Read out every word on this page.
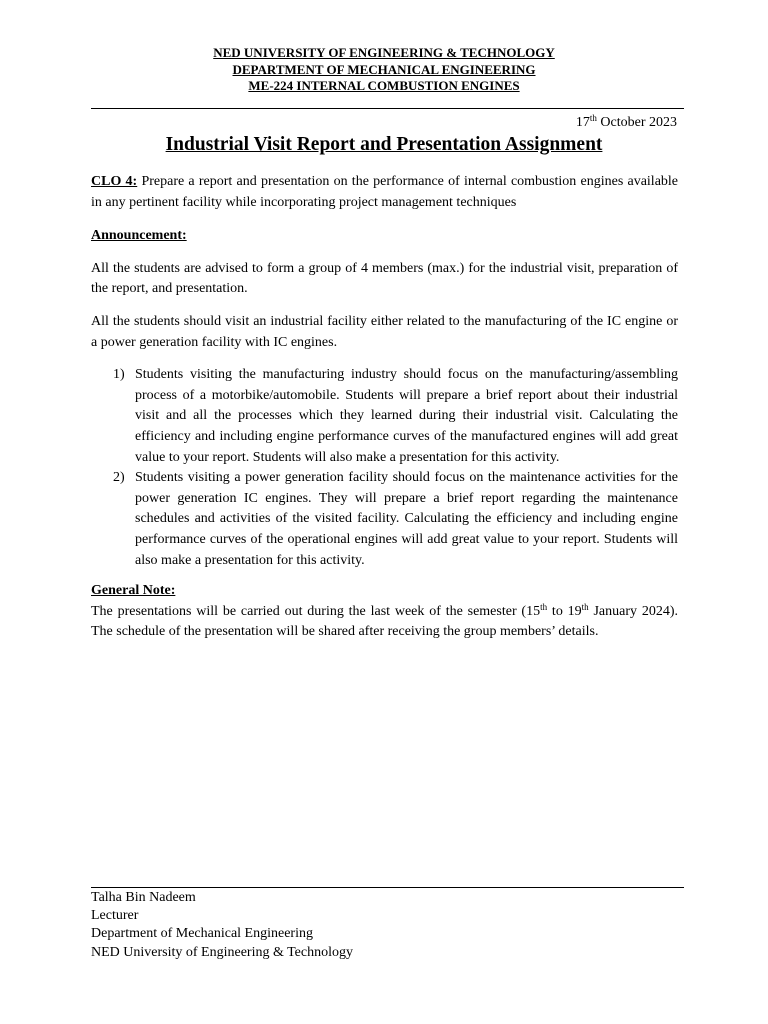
NED UNIVERSITY OF ENGINEERING & TECHNOLOGY
DEPARTMENT OF MECHANICAL ENGINEERING
ME-224 INTERNAL COMBUSTION ENGINES
17th October 2023
Industrial Visit Report and Presentation Assignment

CLO 4: Prepare a report and presentation on the performance of internal combustion engines available in any pertinent facility while incorporating project management techniques

Announcement:

All the students are advised to form a group of 4 members (max.) for the industrial visit, preparation of the report, and presentation.

All the students should visit an industrial facility either related to the manufacturing of the IC engine or a power generation facility with IC engines.

1) Students visiting the manufacturing industry should focus on the manufacturing/assembling process of a motorbike/automobile. Students will prepare a brief report about their industrial visit and all the processes which they learned during their industrial visit. Calculating the efficiency and including engine performance curves of the manufactured engines will add great value to your report. Students will also make a presentation for this activity.
2) Students visiting a power generation facility should focus on the maintenance activities for the power generation IC engines. They will prepare a brief report regarding the maintenance schedules and activities of the visited facility. Calculating the efficiency and including engine performance curves of the operational engines will add great value to your report. Students will also make a presentation for this activity.

General Note:

The presentations will be carried out during the last week of the semester (15th to 19th January 2024). The schedule of the presentation will be shared after receiving the group members’ details.

Talha Bin Nadeem
Lecturer
Department of Mechanical Engineering
NED University of Engineering & Technology
